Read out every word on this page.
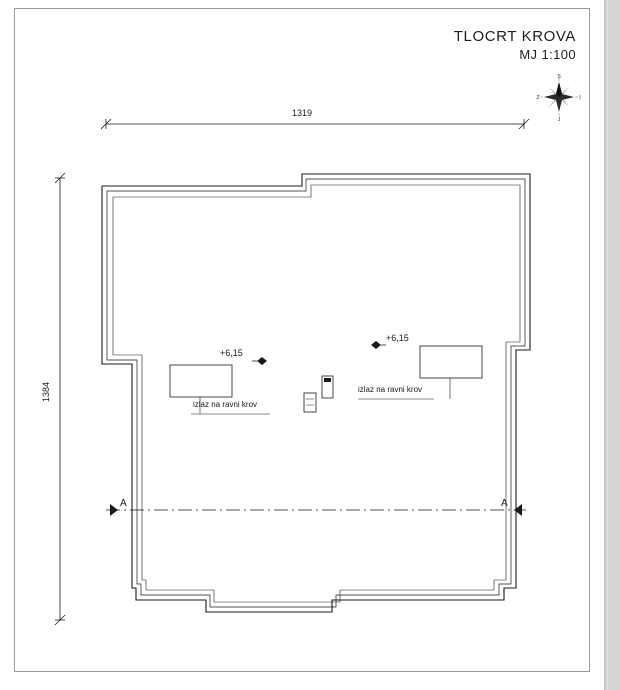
TLOCRT KROVA
MJ 1:100
S
I
J
Z
1319
1384
+6,15
+6,15
izlaz na ravni krov
izlaz na ravni krov
A	A
